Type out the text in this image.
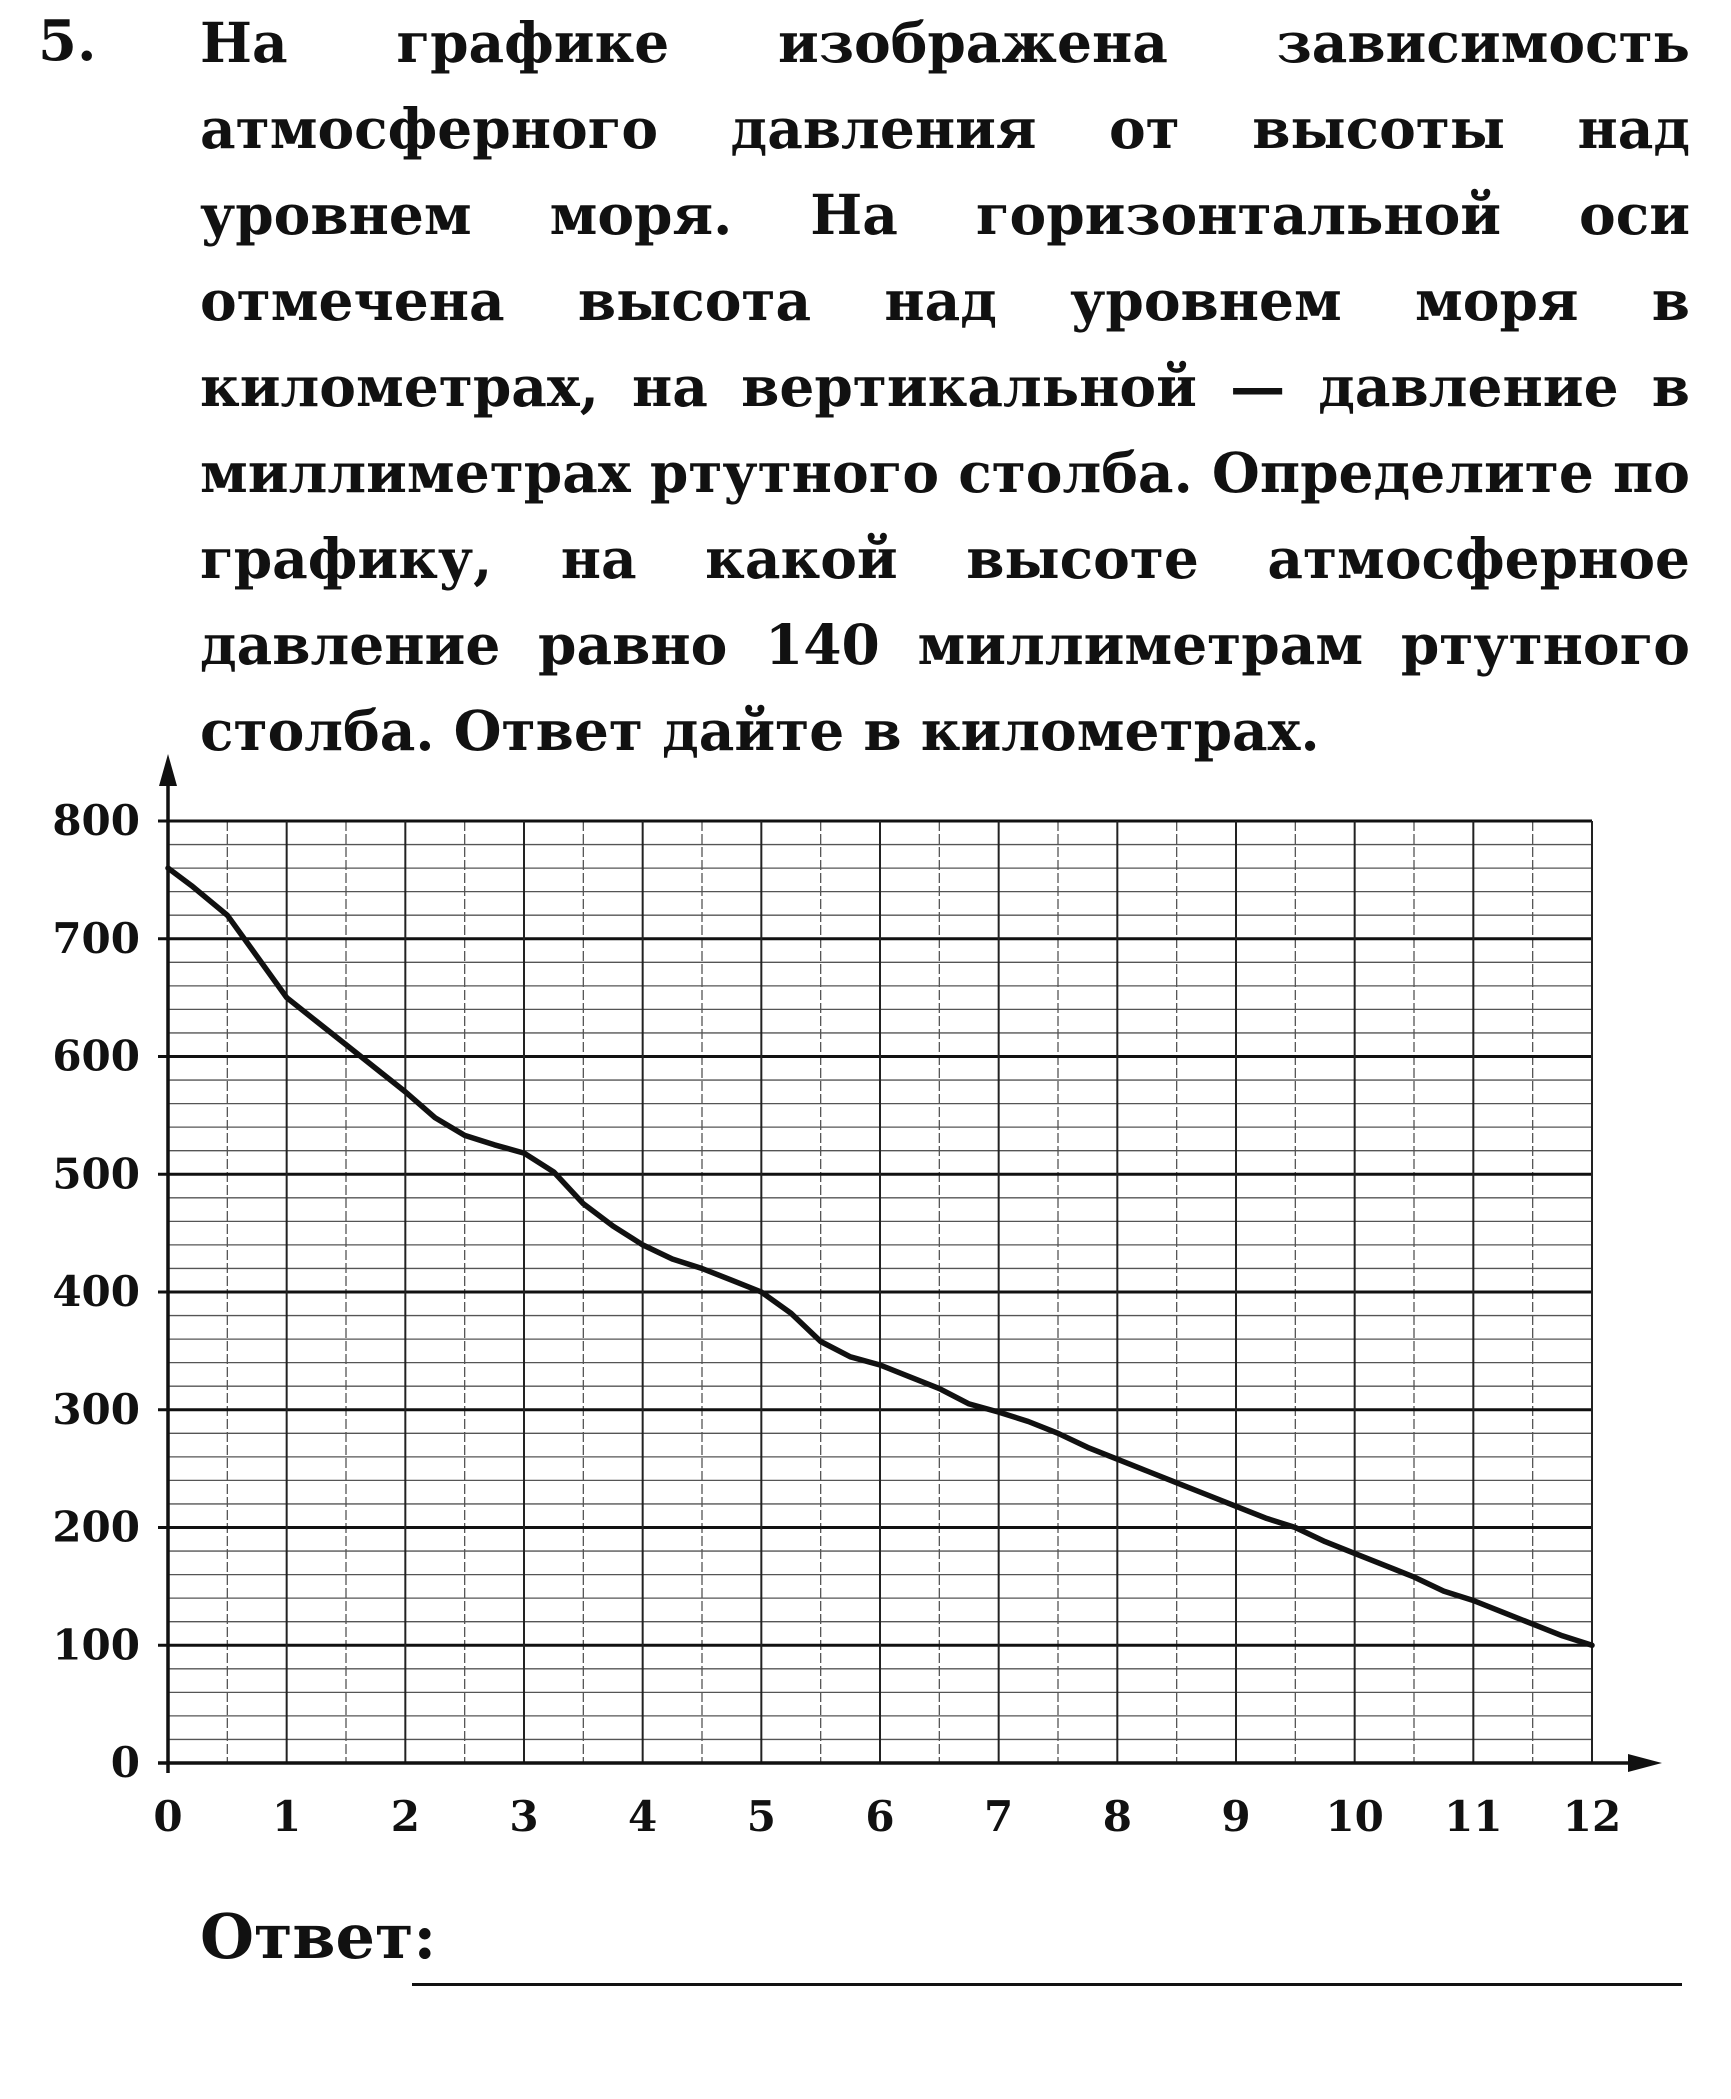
5. На графике изображена зависимость атмосферного давления от высоты над уровнем моря. На горизонтальной оси отмечена высота над уровнем моря в километрах, на вертикальной — давление в миллиметрах ртутного столба. Определите по графику, на какой высоте атмосферное давление равно 140 миллиметрам ртутного столба. Ответ дайте в километрах.

0
100
200
300
400
500
600
700
800
0 1 2 3 4 5 6 7 8 9 10 11 12
Ответ:
